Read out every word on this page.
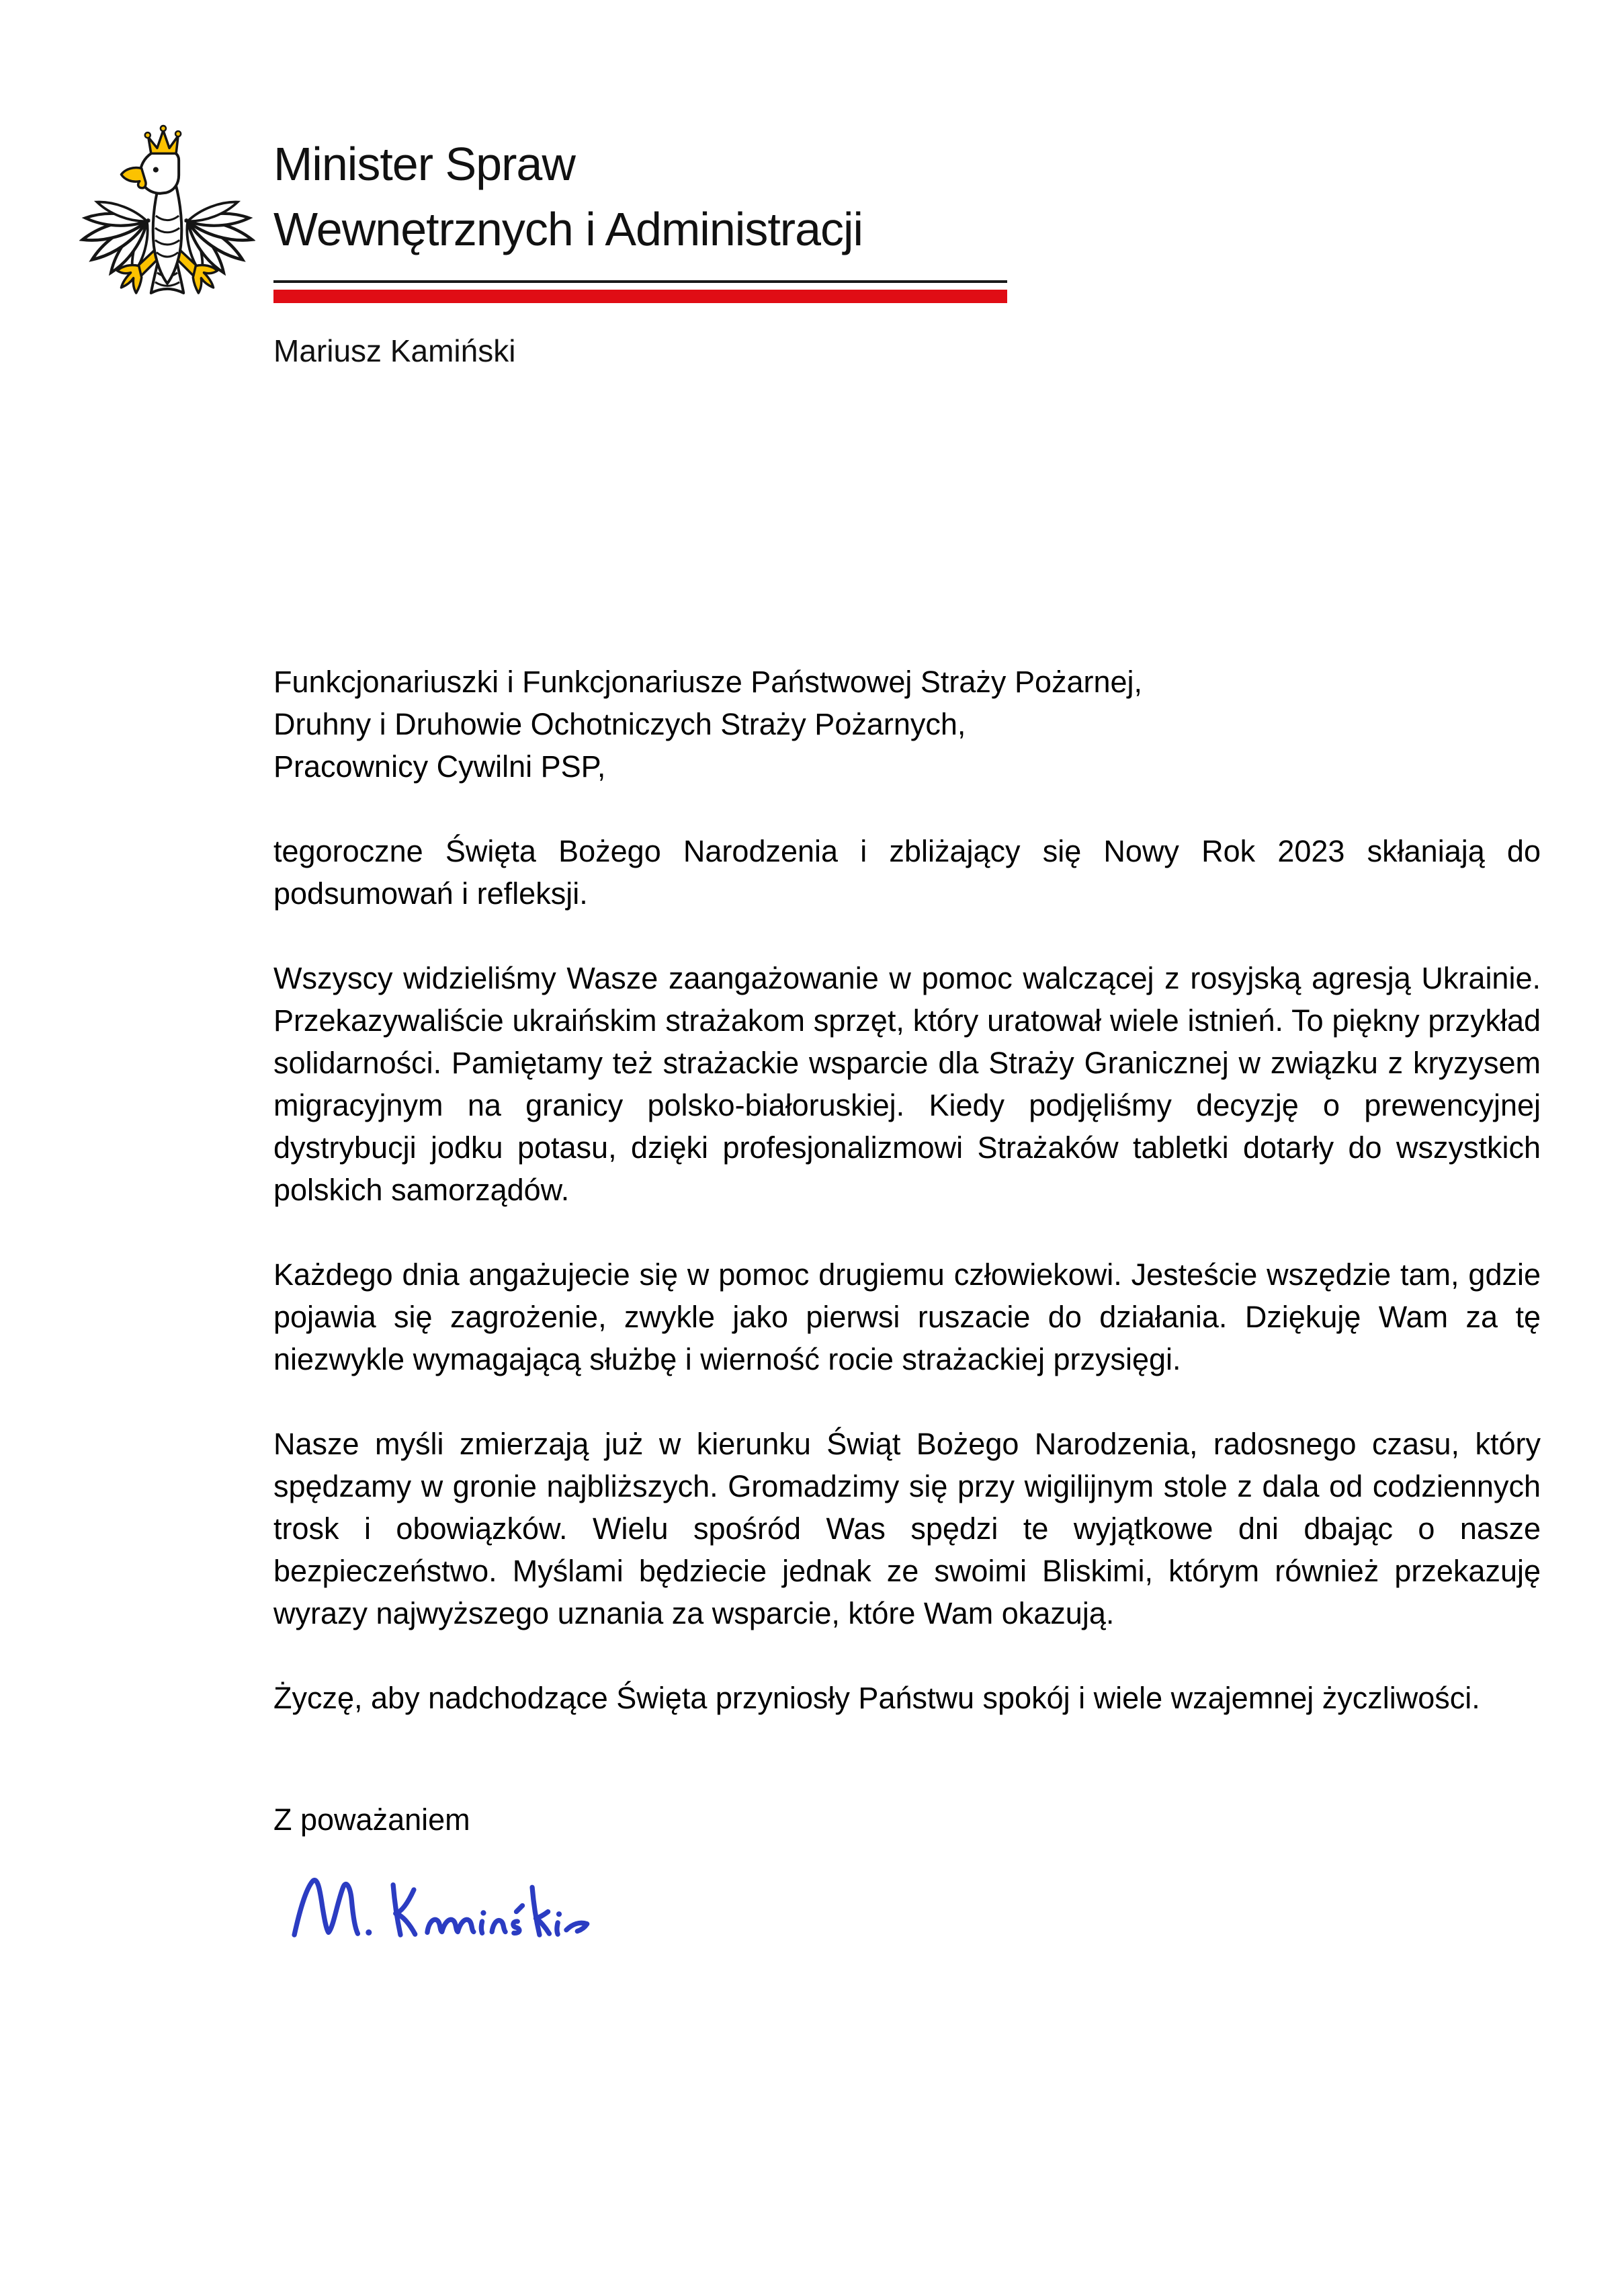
Minister Spraw
Wewnętrznych i Administracji
Mariusz Kamiński

Funkcjonariuszki i Funkcjonariusze Państwowej Straży Pożarnej,
Druhny i Druhowie Ochotniczych Straży Pożarnych,
Pracownicy Cywilni PSP,

tegoroczne Święta Bożego Narodzenia i zbliżający się Nowy Rok 2023 skłaniają do podsumowań i refleksji.

Wszyscy widzieliśmy Wasze zaangażowanie w pomoc walczącej z rosyjską agresją Ukrainie. Przekazywaliście ukraińskim strażakom sprzęt, który uratował wiele istnień. To piękny przykład solidarności. Pamiętamy też strażackie wsparcie dla Straży Granicznej w związku z kryzysem migracyjnym na granicy polsko-białoruskiej. Kiedy podjęliśmy decyzję o prewencyjnej dystrybucji jodku potasu, dzięki profesjonalizmowi Strażaków tabletki dotarły do wszystkich polskich samorządów.

Każdego dnia angażujecie się w pomoc drugiemu człowiekowi. Jesteście wszędzie tam, gdzie pojawia się zagrożenie, zwykle jako pierwsi ruszacie do działania. Dziękuję Wam za tę niezwykle wymagającą służbę i wierność rocie strażackiej przysięgi.

Nasze myśli zmierzają już w kierunku Świąt Bożego Narodzenia, radosnego czasu, który spędzamy w gronie najbliższych. Gromadzimy się przy wigilijnym stole z dala od codziennych trosk i obowiązków. Wielu spośród Was spędzi te wyjątkowe dni dbając o nasze bezpieczeństwo. Myślami będziecie jednak ze swoimi Bliskimi, którym również przekazuję wyrazy najwyższego uznania za wsparcie, które Wam okazują.

Życzę, aby nadchodzące Święta przyniosły Państwu spokój i wiele wzajemnej życzliwości.

Z poważaniem
